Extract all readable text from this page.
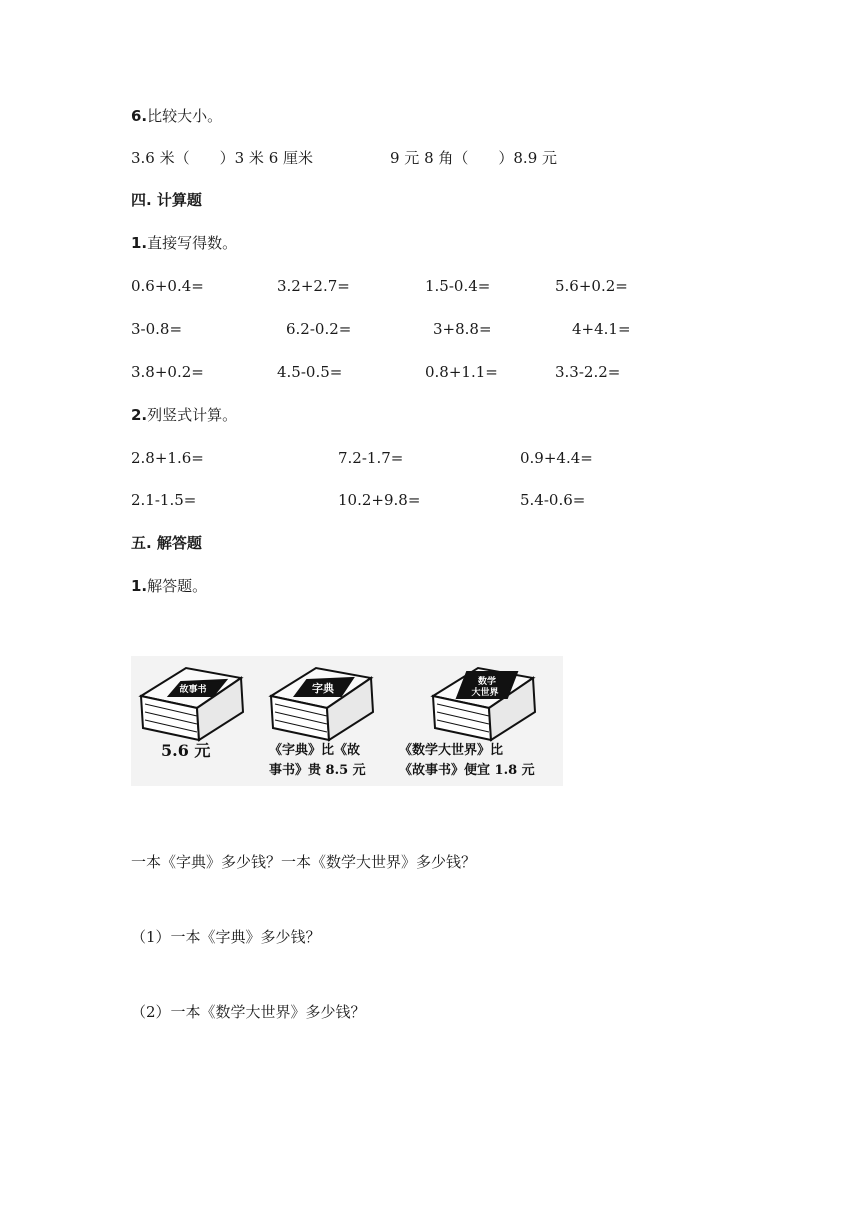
6.比较大小。
3.6 米（　　）3 米 6 厘米	9 元 8 角（　　）8.9 元
四. 计算题
1.直接写得数。
0.6+0.4=	3.2+2.7=	1.5-0.4=	5.6+0.2=
3-0.8=	6.2-0.2=	3+8.8=	4+4.1=
3.8+0.2=	4.5-0.5=	0.8+1.1=	3.3-2.2=
2.列竖式计算。
2.8+1.6=	7.2-1.7=	0.9+4.4=
2.1-1.5=	10.2+9.8=	5.4-0.6=
五. 解答题
1.解答题。
故事书	字典	数学
大世界
5.6 元	《字典》比《故
事书》贵 8.5 元
《数学大世界》比
《故事书》便宜 1.8 元
一本《字典》多少钱？一本《数学大世界》多少钱？
（1）一本《字典》多少钱？
（2）一本《数学大世界》多少钱？
